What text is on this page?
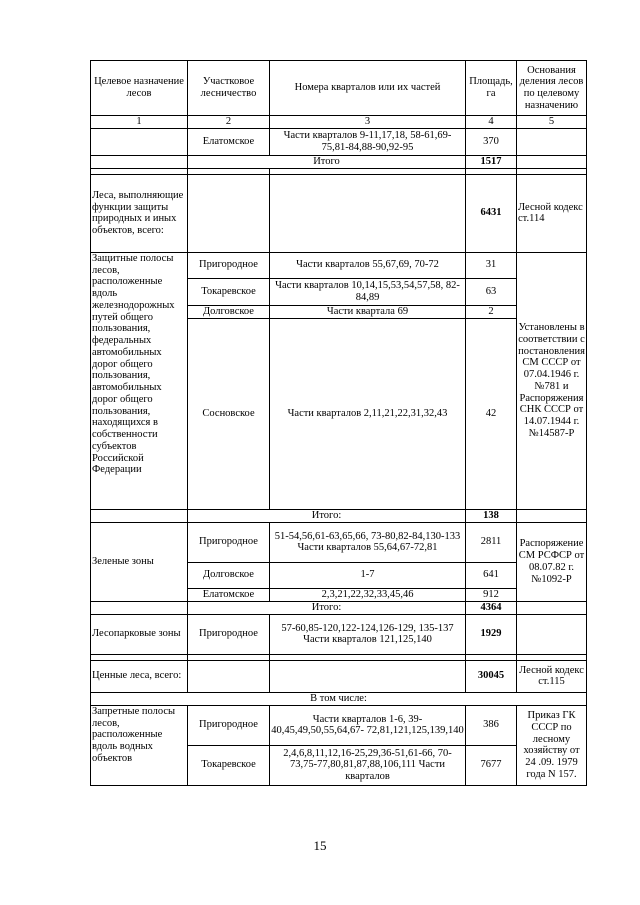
Целевое назначение лесов	Участковое лесничество	Номера кварталов или их частей	Площадь, га	Основания деления лесов по целевому назначению
1	2	3	4	5
	Елатомское	Части кварталов 9-11,17,18, 58-61,69-75,81-84,88-90,92-95	370	
	Итого		1517	

Леса, выполняющие функции защиты природных и иных объектов, всего:			6431	Лесной кодекс ст.114
Защитные полосы лесов, расположенные вдоль железнодорожных путей общего пользования, федеральных автомобильных дорог общего пользования, автомобильных дорог общего пользования, находящихся в собственности субъектов Российской Федерации	Пригородное	Части кварталов 55,67,69, 70-72	31	Установлены в соответствии с постановления СМ СССР от 07.04.1946 г. №781 и Распоряжения СНК СССР от 14.07.1944 г. №14587-Р
	Токаревское	Части кварталов 10,14,15,53,54,57,58, 82-84,89	63	
	Долговское	Части квартала 69	2	
	Сосновское	Части кварталов 2,11,21,22,31,32,43	42	
	Итого:		138	
Зеленые зоны	Пригородное	51-54,56,61-63,65,66, 73-80,82-84,130-133 Части кварталов 55,64,67-72,81	2811	Распоряжение СМ РСФСР от 08.07.82 г. №1092-Р
	Долговское	1-7	641	
	Елатомское	2,3,21,22,32,33,45,46	912	
	Итого:		4364	
Лесопарковые зоны	Пригородное	57-60,85-120,122-124,126-129, 135-137 Части кварталов 121,125,140	1929	

Ценные леса, всего:			30045	Лесной кодекс ст.115
В том числе:				
Запретные полосы лесов, расположенные вдоль водных объектов	Пригородное	Части кварталов 1-6, 39-40,45,49,50,55,64,67- 72,81,121,125,139,140	386	Приказ ГК СССР по лесному хозяйству от 24 .09. 1979 года N 157.
	Токаревское	2,4,6,8,11,12,16-25,29,36-51,61-66, 70-73,75-77,80,81,87,88,106,111 Части кварталов	7677	
15
